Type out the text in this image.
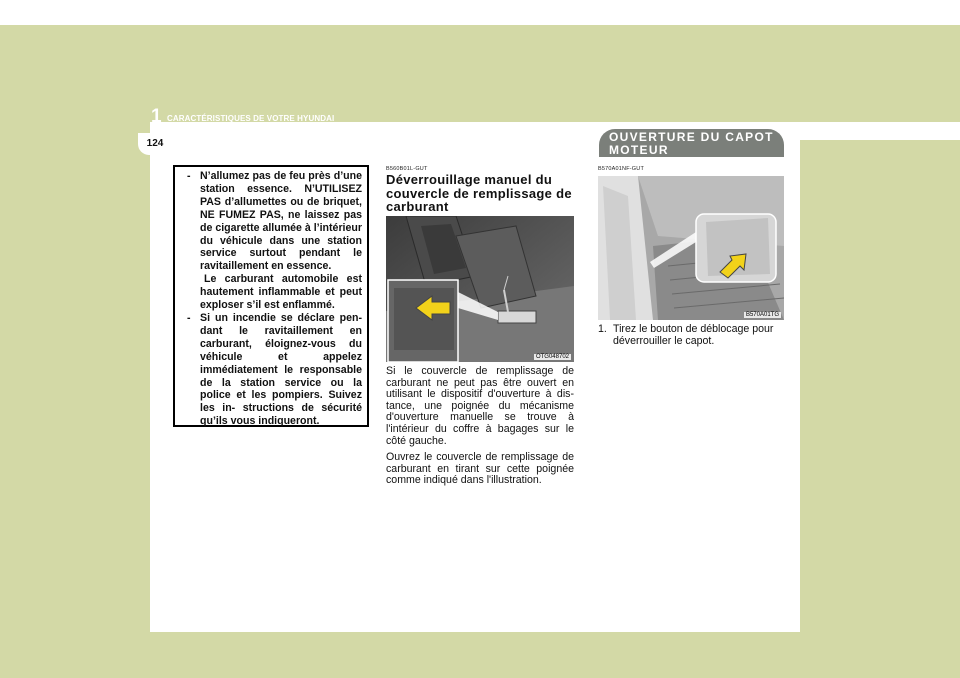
1 CARACTÉRISTIQUES DE VOTRE HYUNDAI
124
- N’allumez pas de feu près d’une station essence. N’UTILISEZ PAS d’allumettes ou de briquet, NE FUMEZ PAS, ne laissez pas de cigarette allumée à l’intérieur du véhicule dans une station service surtout pendant le ravitaillement en essence.
Le carburant automobile est hautement inflammable et peut exploser s’il est enflammé.
- Si un incendie se déclare pen- dant le ravitaillement en carburant, éloignez-vous du véhicule et appelez immédiatement le responsable de la station service ou la police et les pompiers. Suivez les in- structions de sécurité qu’ils vous indiqueront.
B560B01L-GUT
Déverrouillage manuel du couvercle de remplissage de carburant
OTG048702
Si le couvercle de remplissage de carburant ne peut pas être ouvert en utilisant le dispositif d'ouverture à dis- tance, une poignée du mécanisme d'ouverture manuelle se trouve à l'intérieur du coffre à bagages sur le côté gauche.
Ouvrez le couvercle de remplissage de carburant en tirant sur cette poignée comme indiqué dans l'illustration.
OUVERTURE DU CAPOT MOTEUR
B570A01NF-GUT
B570A01TG
1. Tirez le bouton de déblocage pour déverrouiller le capot.
